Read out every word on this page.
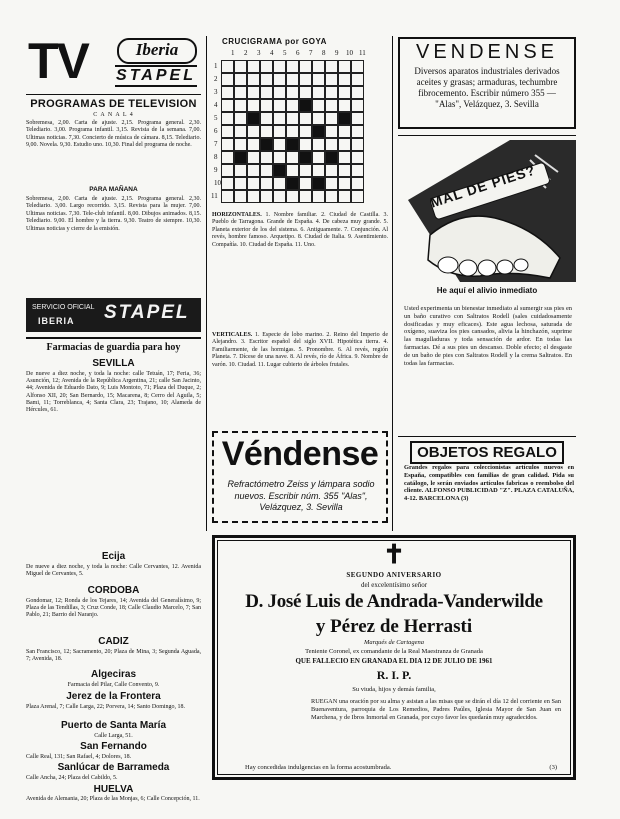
TV	Iberia
STAPEL
PROGRAMAS DE TELEVISION
C A N A L 4

Sobremesa, 2,00. Carta de ajuste. 2,15. Programa general. 2,30. Telediario. 3,00. Programa infantil. 3,15. Revista de la semana. 7,00. Ultimas noticias. 7,30. Concierto de música de cámara. 8,15. Telediario. 9,00. Novela. 9,30. Estudio uno. 10,30. Final del programa de noche.

PARA MAÑANA

Sobremesa, 2,00. Carta de ajuste. 2,15. Programa general. 2,30. Telediario. 3,00. Largo recorrido. 3,15. Revista para la mujer. 7,00. Ultimas noticias. 7,30. Tele-club infantil. 8,00. Dibujos animados. 8,15. Telediario. 9,00. El hombre y la tierra. 9,30. Teatro de siempre. 10,30. Ultimas noticias y cierre de la emisión.

SERVICIO OFICIAL
IBERIA STAPEL
Farmacias de guardia para hoy
SEVILLA

De nueve a diez noche, y toda la noche: calle Tetuán, 17; Feria, 36; Asunción, 12; Avenida de la República Argentina, 21; calle San Jacinto, 44; Avenida de Eduardo Dato, 9; Luis Montoto, 71; Plaza del Duque, 2; Alfonso XII, 20; San Bernardo, 15; Macarena, 8; Cerro del Aguila, 5; Bami, 11; Torreblanca, 4; Santa Clara, 23; Trajano, 10; Alameda de Hércules, 61.

Ecija

De nueve a diez noche, y toda la noche: Calle Cervantes, 12. Avenida Miguel de Cervantes, 5.

CORDOBA

Gondomar, 12; Ronda de los Tejares, 14; Avenida del Generalísimo, 9; Plaza de las Tendillas, 3; Cruz Conde, 18; Calle Claudio Marcelo, 7; San Pablo, 21; Barrio del Naranjo.

CADIZ

San Francisco, 12; Sacramento, 20; Plaza de Mina, 3; Segunda Aguada, 7; Avenida, 18.

Algeciras

Farmacia del Pilar, Calle Convento, 9.

Jerez de la Frontera

Plaza Arenal, 7; Calle Larga, 22; Porvera, 14; Santo Domingo, 18.

Puerto de Santa María

Calle Larga, 51.

San Fernando

Calle Real, 131; San Rafael, 4; Dolores, 18.

Sanlúcar de Barrameda

Calle Ancha, 24; Plaza del Cabildo, 5.

HUELVA

Avenida de Alemania, 20; Plaza de las Monjas, 6; Calle Concepción, 11.

CRUCIGRAMA por GOYA
1 2 3 4 5 6 7 8 9 10 11
1
2
3
4
5
6
7
8
9
10
11

HORIZONTALES. 1. Nombre familiar. 2. Ciudad de Castilla. 3. Pueblo de Tarragona. Grande de España. 4. De cabeza muy grande. 5. Planeta exterior de los del sistema. 6. Antiguamente. 7. Conjunción. Al revés, hombre famoso. Arquetipo. 8. Ciudad de Italia. 9. Asentimiento. Compañía. 10. Ciudad de España. 11. Uno.

VERTICALES. 1. Especie de lobo marino. 2. Reino del Imperio de Alejandro. 3. Escritor español del siglo XVII. Hipotética tierra. 4. Familiarmente, de las hormigas. 5. Pronombre. 6. Al revés, región Planeta. 7. Dícese de una nave. 8. Al revés, río de África. 9. Nombre de varón. 10. Ciudad. 11. Lugar cubierto de árboles frutales.

Véndense
Refractómetro Zeiss y lámpara sodio nuevos. Escribir núm. 355 "Alas", Velázquez, 3. Sevilla
VENDENSE
Diversos aparatos industriales derivados aceites y grasas; armaduras, techumbre fibrocemento. Escribir número 355 — "Alas", Velázquez, 3. Sevilla
MAL DE PIES?
He aquí el alivio inmediato

Usted experimenta un bienestar inmediato al sumergir sus pies en un baño curativo con Saltratos Rodell (sales cuidadosamente dosificadas y muy eficaces). Este agua lechosa, saturada de oxígeno, suaviza los pies cansados, alivia la hinchazón, suprime las magulladuras y toda sensación de ardor. En todas las farmacias. Dé a sus pies un descanso. Doble efecto; el desgaste de un baño de pies con Saltratos Rodell y la crema Saltratos. En todas las farmacias.

OBJETOS REGALO

Grandes regalos para coleccionistas artículos nuevos en España, compatibles con familias de gran calidad. Pida su catálogo, le serán enviados artículos fabricas o reembolso del cliente. ALFONSO PUBLICIDAD "Z". PLAZA CATALUÑA, 4-12. BARCELONA (3)

✝
SEGUNDO ANIVERSARIO
del excelentísimo señor
D. José Luis de Andrada-Vanderwilde
y Pérez de Herrasti
Marqués de Cartagena
Teniente Coronel, ex comandante de la Real Maestranza de Granada
QUE FALLECIO EN GRANADA EL DIA 12 DE JULIO DE 1961
R. I. P.
Su viuda, hijos y demás familia,

RUEGAN una oración por su alma y asistan a las misas que se dirán el día 12 del corriente en San Buenaventura, parroquia de Los Remedios, Padres Paúles, Iglesia Mayor de San Juan en Marchena, y de Ibros Inmortal en Granada, por cuyo favor les quedarán muy agradecidos.

Hay concedidas indulgencias en la forma acostumbrada.	(3)
